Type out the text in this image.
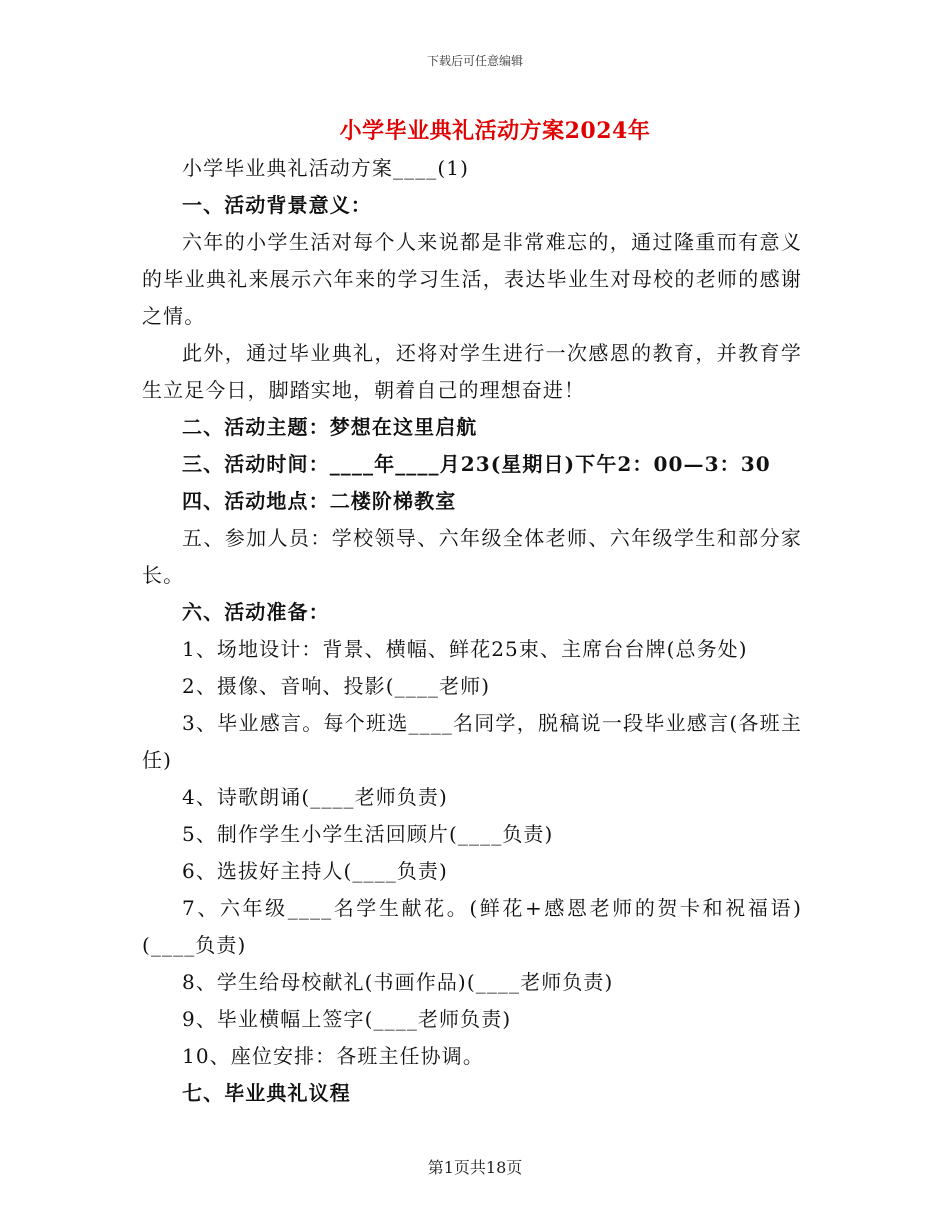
下载后可任意编辑
小学毕业典礼活动方案2024年

小学毕业典礼活动方案____(1)

一、活动背景意义：

六年的小学生活对每个人来说都是非常难忘的，通过隆重而有意义的毕业典礼来展示六年来的学习生活，表达毕业生对母校的老师的感谢之情。

此外，通过毕业典礼，还将对学生进行一次感恩的教育，并教育学生立足今日，脚踏实地，朝着自己的理想奋进！

二、活动主题：梦想在这里启航

三、活动时间：____年____月23(星期日)下午2：00—3：30

四、活动地点：二楼阶梯教室

五、参加人员：学校领导、六年级全体老师、六年级学生和部分家长。

六、活动准备：

1、场地设计：背景、横幅、鲜花25束、主席台台牌(总务处)

2、摄像、音响、投影(____老师)

3、毕业感言。每个班选____名同学，脱稿说一段毕业感言(各班主任)

4、诗歌朗诵(____老师负责)

5、制作学生小学生活回顾片(____负责)

6、选拔好主持人(____负责)

7、六年级____名学生献花。(鲜花+感恩老师的贺卡和祝福语)(____负责)

8、学生给母校献礼(书画作品)(____老师负责)

9、毕业横幅上签字(____老师负责)

10、座位安排：各班主任协调。

七、毕业典礼议程

第1页共18页
